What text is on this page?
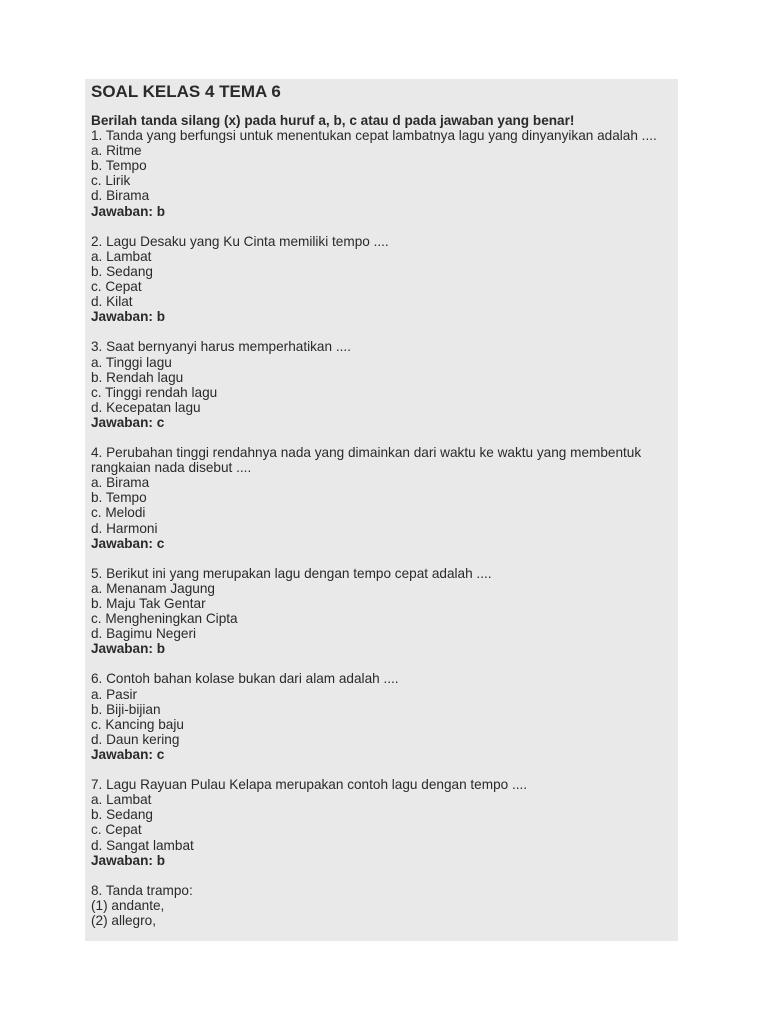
SOAL KELAS 4 TEMA 6
Berilah tanda silang (x) pada huruf a, b, c atau d pada jawaban yang benar!
1. Tanda yang berfungsi untuk menentukan cepat lambatnya lagu yang dinyanyikan adalah ....
a. Ritme
b. Tempo
c. Lirik
d. Birama
Jawaban: b
2. Lagu Desaku yang Ku Cinta memiliki tempo ....
a. Lambat
b. Sedang
c. Cepat
d. Kilat
Jawaban: b
3. Saat bernyanyi harus memperhatikan ....
a. Tinggi lagu
b. Rendah lagu
c. Tinggi rendah lagu
d. Kecepatan lagu
Jawaban: c
4. Perubahan tinggi rendahnya nada yang dimainkan dari waktu ke waktu yang membentuk rangkaian nada disebut ....
a. Birama
b. Tempo
c. Melodi
d. Harmoni
Jawaban: c
5. Berikut ini yang merupakan lagu dengan tempo cepat adalah ....
a. Menanam Jagung
b. Maju Tak Gentar
c. Mengheningkan Cipta
d. Bagimu Negeri
Jawaban: b
6. Contoh bahan kolase bukan dari alam adalah ....
a. Pasir
b. Biji-bijian
c. Kancing baju
d. Daun kering
Jawaban: c
7. Lagu Rayuan Pulau Kelapa merupakan contoh lagu dengan tempo ....
a. Lambat
b. Sedang
c. Cepat
d. Sangat lambat
Jawaban: b
8. Tanda trampo:
(1) andante,
(2) allegro,
